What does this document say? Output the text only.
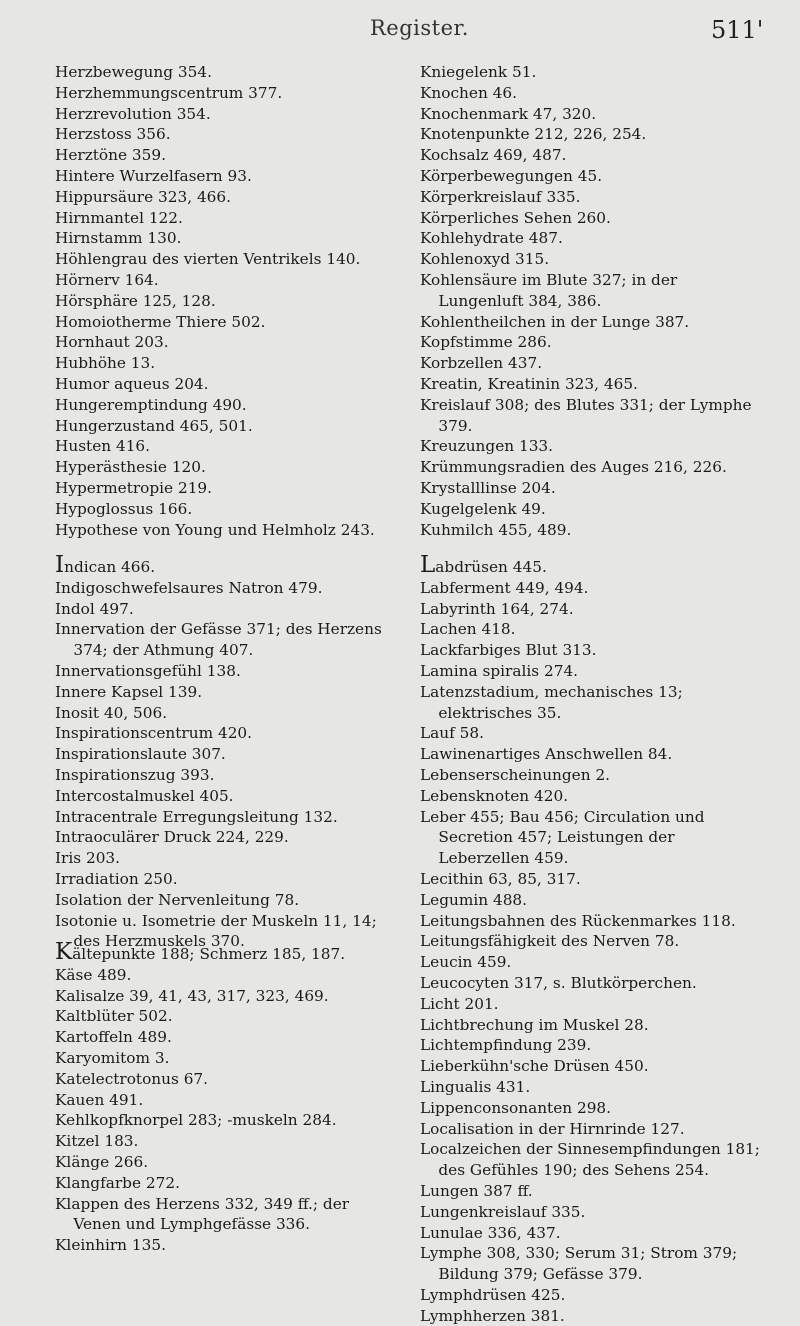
Register.	511'
Herzbewegung 354.
Herzhemmungscentrum 377.
Herzrevolution 354.
Herzstoss 356.
Herztöne 359.
Hintere Wurzelfasern 93.
Hippursäure 323, 466.
Hirnmantel 122.
Hirnstamm 130.
Höhlengrau des vierten Ventrikels 140.
Hörnerv 164.
Hörsphäre 125, 128.
Homoiotherme Thiere 502.
Hornhaut 203.
Hubhöhe 13.
Humor aqueus 204.
Hungeremptindung 490.
Hungerzustand 465, 501.
Husten 416.
Hyperästhesie 120.
Hypermetropie 219.
Hypoglossus 166.
Hypothese von Young und Helmholz 243.
Indican 466.
Indigoschwefelsaures Natron 479.
Indol 497.
Innervation der Gefässe 371; des Herzens 374; der Athmung 407.
Innervationsgefühl 138.
Innere Kapsel 139.
Inosit 40, 506.
Inspirationscentrum 420.
Inspirationslaute 307.
Inspirationszug 393.
Intercostalmuskel 405.
Intracentrale Erregungsleitung 132.
Intraoculärer Druck 224, 229.
Iris 203.
Irradiation 250.
Isolation der Nervenleitung 78.
Isotonie u. Isometrie der Muskeln 11, 14; des Herzmuskels 370.
Kältepunkte 188; Schmerz 185, 187.
Käse 489.
Kalisalze 39, 41, 43, 317, 323, 469.
Kaltblüter 502.
Kartoffeln 489.
Karyomitom 3.
Katelectrotonus 67.
Kauen 491.
Kehlkopfknorpel 283; -muskeln 284.
Kitzel 183.
Klänge 266.
Klangfarbe 272.
Klappen des Herzens 332, 349 ff.; der Venen und Lymphgefässe 336.
Kleinhirn 135.
Kniegelenk 51.
Knochen 46.
Knochenmark 47, 320.
Knotenpunkte 212, 226, 254.
Kochsalz 469, 487.
Körperbewegungen 45.
Körperkreislauf 335.
Körperliches Sehen 260.
Kohlehydrate 487.
Kohlenoxyd 315.
Kohlensäure im Blute 327; in der Lungenluft 384, 386.
Kohlentheilchen in der Lunge 387.
Kopfstimme 286.
Korbzellen 437.
Kreatin, Kreatinin 323, 465.
Kreislauf 308; des Blutes 331; der Lymphe 379.
Kreuzungen 133.
Krümmungsradien des Auges 216, 226.
Krystalllinse 204.
Kugelgelenk 49.
Kuhmilch 455, 489.
Labdrüsen 445.
Labferment 449, 494.
Labyrinth 164, 274.
Lachen 418.
Lackfarbiges Blut 313.
Lamina spiralis 274.
Latenzstadium, mechanisches 13; elektrisches 35.
Lauf 58.
Lawinenartiges Anschwellen 84.
Lebenserscheinungen 2.
Lebensknoten 420.
Leber 455; Bau 456; Circulation und Secretion 457; Leistungen der Leberzellen 459.
Lecithin 63, 85, 317.
Legumin 488.
Leitungsbahnen des Rückenmarkes 118.
Leitungsfähigkeit des Nerven 78.
Leucin 459.
Leucocyten 317, s. Blutkörperchen.
Licht 201.
Lichtbrechung im Muskel 28.
Lichtempfindung 239.
Lieberkühn'sche Drüsen 450.
Lingualis 431.
Lippenconsonanten 298.
Localisation in der Hirnrinde 127.
Localzeichen der Sinnesempfindungen 181; des Gefühles 190; des Sehens 254.
Lungen 387 ff.
Lungenkreislauf 335.
Lunulae 336, 437.
Lymphe 308, 330; Serum 31; Strom 379; Bildung 379; Gefässe 379.
Lymphdrüsen 425.
Lymphherzen 381.
